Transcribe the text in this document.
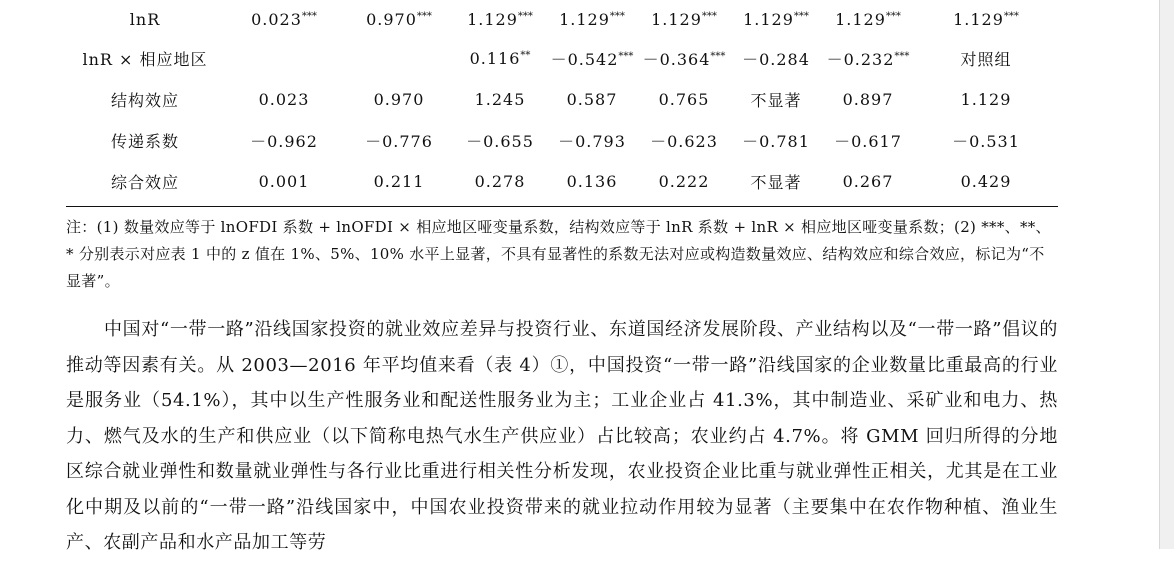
lnR	0.023***	0.970***	1.129***	1.129***	1.129***	1.129***	1.129***	1.129***	
lnR × 相应地区			0.116**	－0.542***	－0.364***	－0.284	－0.232***	对照组	
结构效应	0.023	0.970	1.245	0.587	0.765	不显著	0.897	1.129	
传递系数	－0.962	－0.776	－0.655	－0.793	－0.623	－0.781	－0.617	－0.531	
综合效应	0.001	0.211	0.278	0.136	0.222	不显著	0.267	0.429	
注：(1) 数量效应等于 lnOFDI 系数 + lnOFDI × 相应地区哑变量系数，结构效应等于 lnR 系数 + lnR × 相应地区哑变量系数；(2) ***、**、* 分别表示对应表 1 中的 z 值在 1%、5%、10% 水平上显著，不具有显著性的系数无法对应或构造数量效应、结构效应和综合效应，标记为“不显著”。
中国对“一带一路”沿线国家投资的就业效应差异与投资行业、东道国经济发展阶段、产业结构以及“一带一路”倡议的推动等因素有关。从 2003—2016 年平均值来看（表 4）①，中国投资“一带一路”沿线国家的企业数量比重最高的行业是服务业（54.1%），其中以生产性服务业和配送性服务业为主；工业企业占 41.3%，其中制造业、采矿业和电力、热力、燃气及水的生产和供应业（以下简称电热气水生产供应业）占比较高；农业约占 4.7%。将 GMM 回归所得的分地区综合就业弹性和数量就业弹性与各行业比重进行相关性分析发现，农业投资企业比重与就业弹性正相关，尤其是在工业化中期及以前的“一带一路”沿线国家中，中国农业投资带来的就业拉动作用较为显著（主要集中在农作物种植、渔业生产、农副产品和水产品加工等劳
